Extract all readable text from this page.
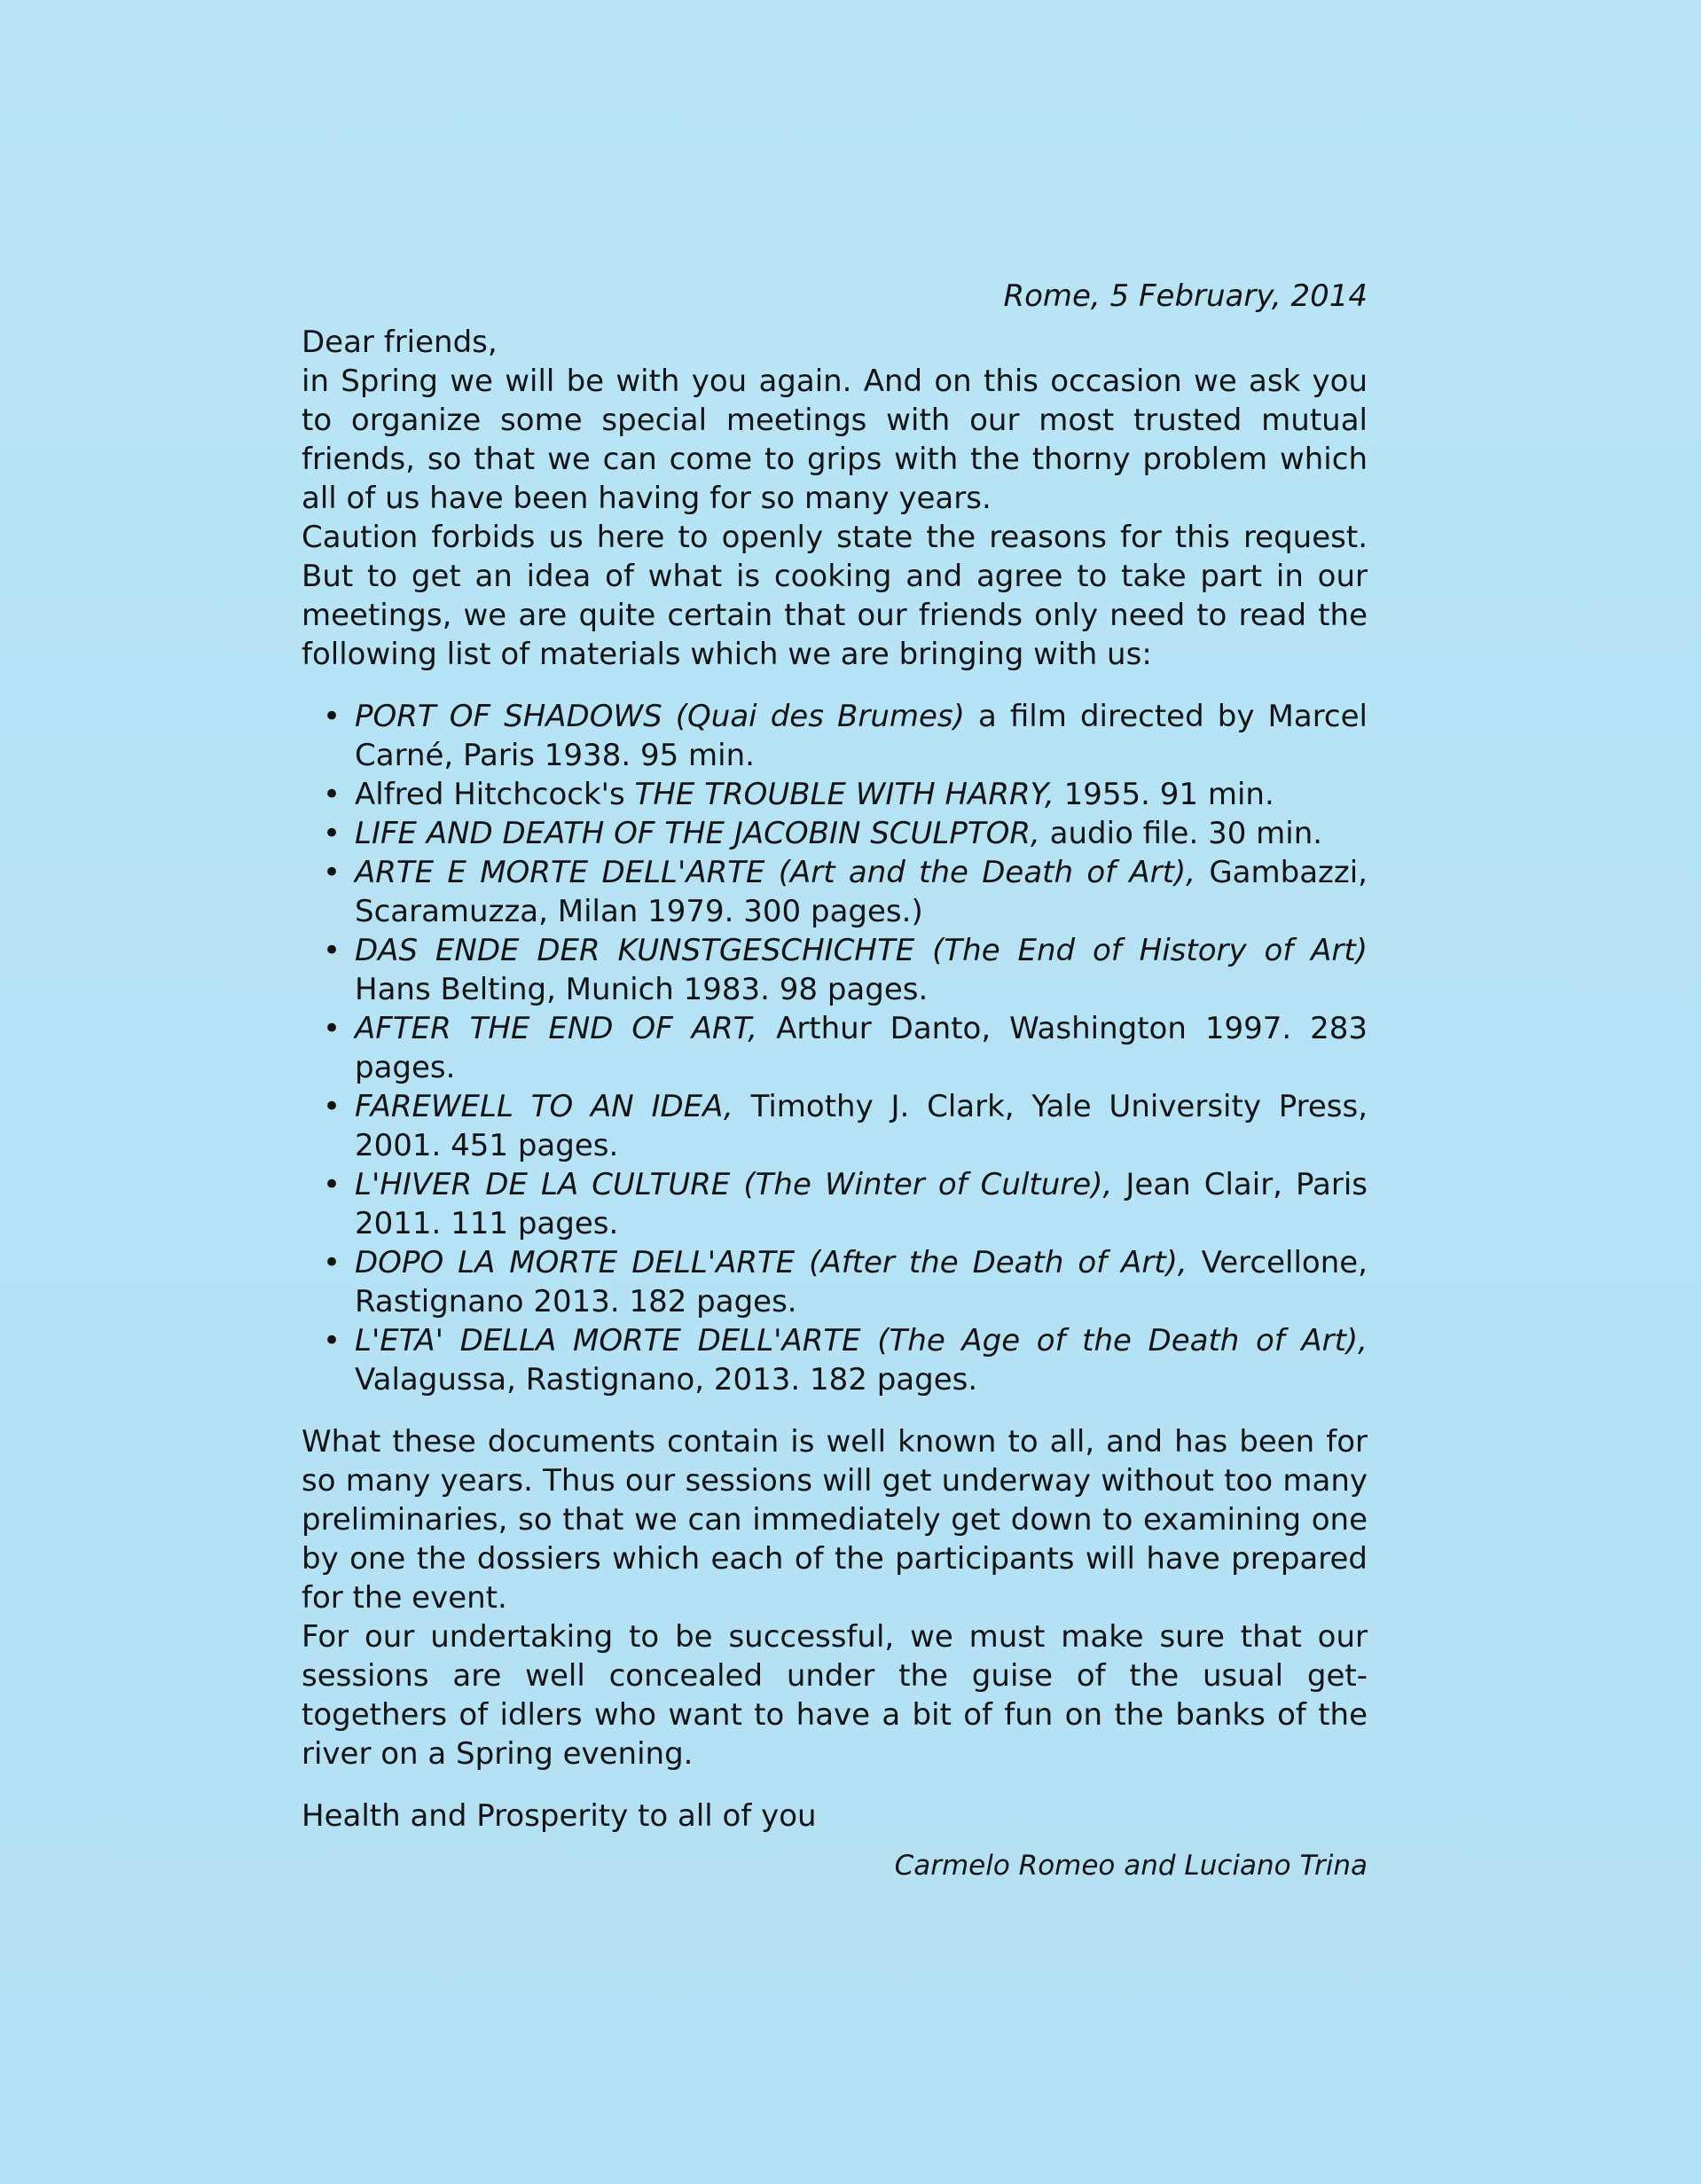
Rome, 5 February, 2014

Dear friends,

in Spring we will be with you again. And on this occasion we ask you to organize some special meetings with our most trusted mutual friends, so that we can come to grips with the thorny problem which all of us have been having for so many years.

Caution forbids us here to openly state the reasons for this request. But to get an idea of what is cooking and agree to take part in our meetings, we are quite certain that our friends only need to read the following list of materials which we are bringing with us:

• PORT OF SHADOWS (Quai des Brumes) a film directed by Marcel Carné, Paris 1938. 95 min.
• Alfred Hitchcock's THE TROUBLE WITH HARRY, 1955. 91 min.
• LIFE AND DEATH OF THE JACOBIN SCULPTOR, audio file. 30 min.
• ARTE E MORTE DELL'ARTE (Art and the Death of Art), Gambazzi, Scaramuzza, Milan 1979. 300 pages.)
• DAS ENDE DER KUNSTGESCHICHTE (The End of History of Art) Hans Belting, Munich 1983. 98 pages.
• AFTER THE END OF ART, Arthur Danto, Washington 1997. 283 pages.
• FAREWELL TO AN IDEA, Timothy J. Clark, Yale University Press, 2001. 451 pages.
• L'HIVER DE LA CULTURE (The Winter of Culture), Jean Clair, Paris 2011. 111 pages.
• DOPO LA MORTE DELL'ARTE (After the Death of Art), Vercellone, Rastignano 2013. 182 pages.
• L'ETA' DELLA MORTE DELL'ARTE (The Age of the Death of Art), Valagussa, Rastignano, 2013. 182 pages.

What these documents contain is well known to all, and has been for so many years. Thus our sessions will get underway without too many preliminaries, so that we can immediately get down to examining one by one the dossiers which each of the participants will have prepared for the event.

For our undertaking to be successful, we must make sure that our sessions are well concealed under the guise of the usual get-togethers of idlers who want to have a bit of fun on the banks of the river on a Spring evening.

Health and Prosperity to all of you

Carmelo Romeo and Luciano Trina
